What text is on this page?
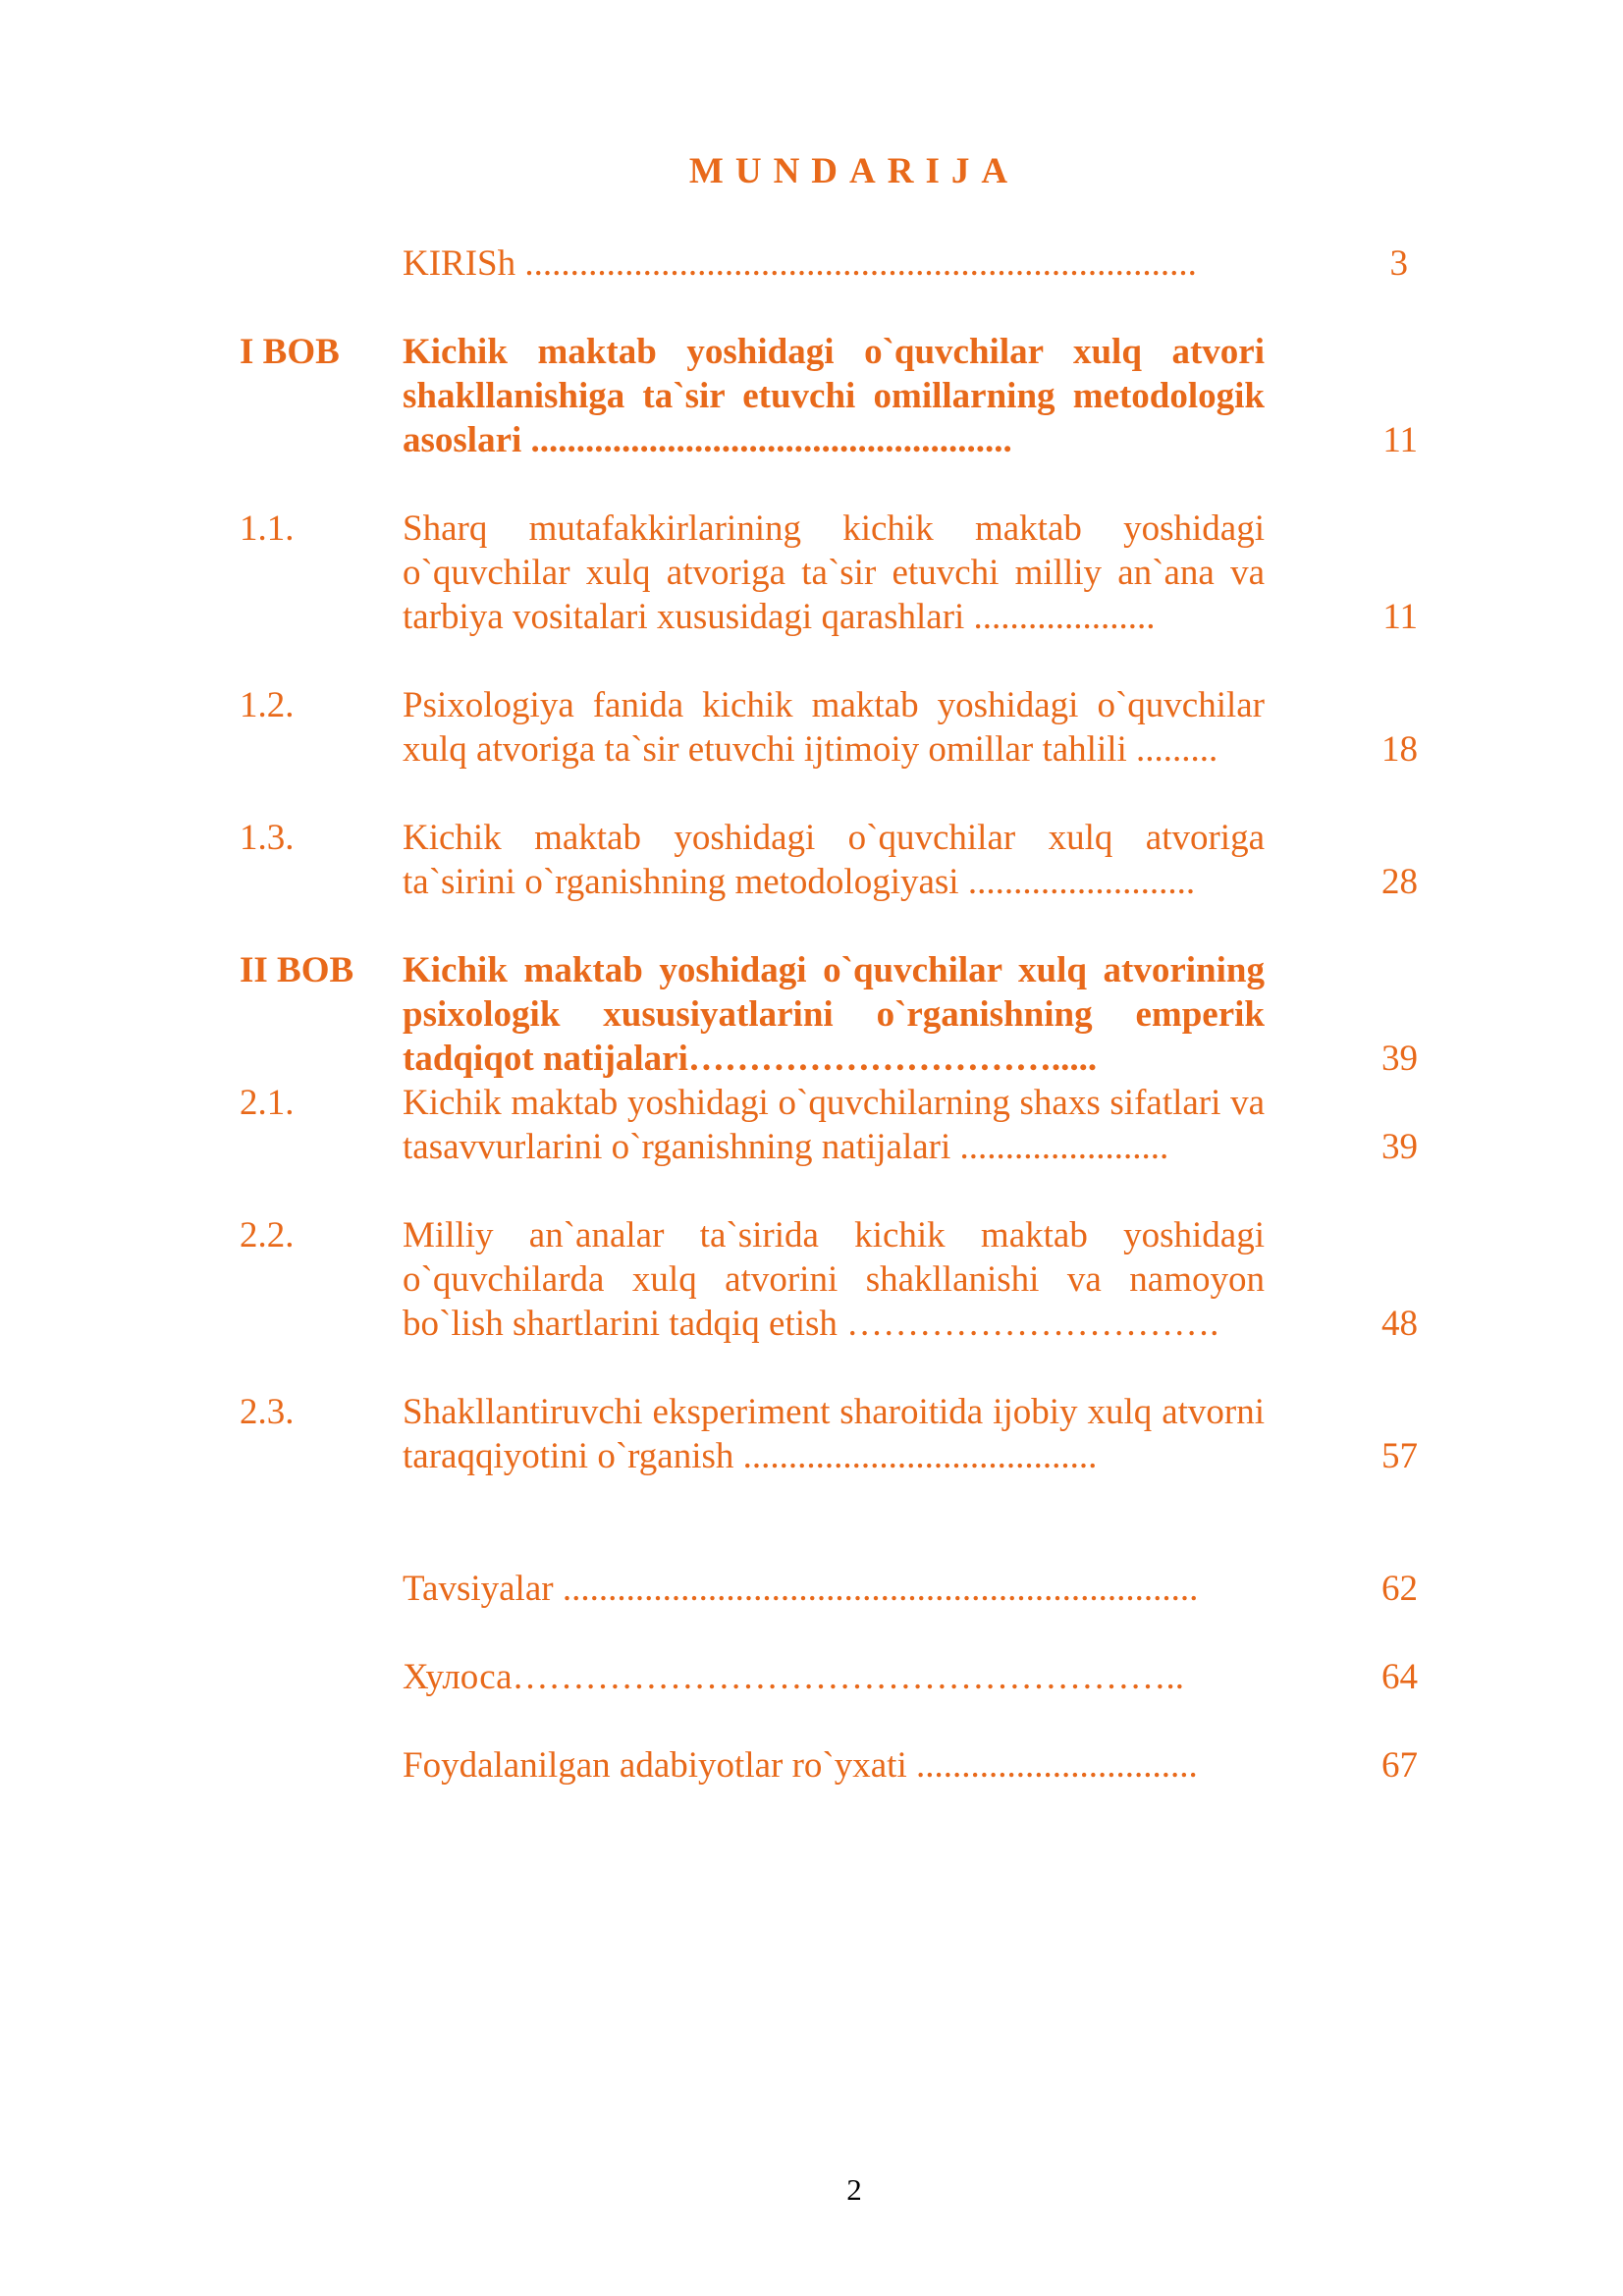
MUNDARIJA
KIRISh ..........................................................................	3
I BOB Kichik maktab yoshidagi o`quvchilar xulq atvori shakllanishiga ta`sir etuvchi omillarning metodologik asoslari .....................................................	11
1.1.	Sharq mutafakkirlarining kichik maktab yoshidagi o`quvchilar xulq atvoriga ta`sir etuvchi milliy an`ana va tarbiya vositalari xususidagi qarashlari ....................	11
1.2.	Psixologiya fanida kichik maktab yoshidagi o`quvchilar xulq atvoriga ta`sir etuvchi ijtimoiy omillar tahlili .........	18
1.3.	Kichik maktab yoshidagi o`quvchilar xulq atvoriga ta`sirini o`rganishning metodologiyasi .........................	28
II BOB Kichik maktab yoshidagi o`quvchilar xulq atvorining psixologik xususiyatlarini o`rganishning emperik tadqiqot natijalari………………………….....	39
2.1.	Kichik maktab yoshidagi o`quvchilarning shaxs sifatlari va tasavvurlarini o`rganishning natijalari .......................	39
2.2.	Milliy an`analar ta`sirida kichik maktab yoshidagi o`quvchilarda xulq atvorini shakllanishi va namoyon bo`lish shartlarini tadqiq etish ………………………….	48
2.3.	Shakllantiruvchi eksperiment sharoitida ijobiy xulq atvorni taraqqiyotini o`rganish .......................................	57
Tavsiyalar ......................................................................	62
Хулоса………………………………………………..	64
Foydalanilgan adabiyotlar ro`yxati ...............................	67
2
